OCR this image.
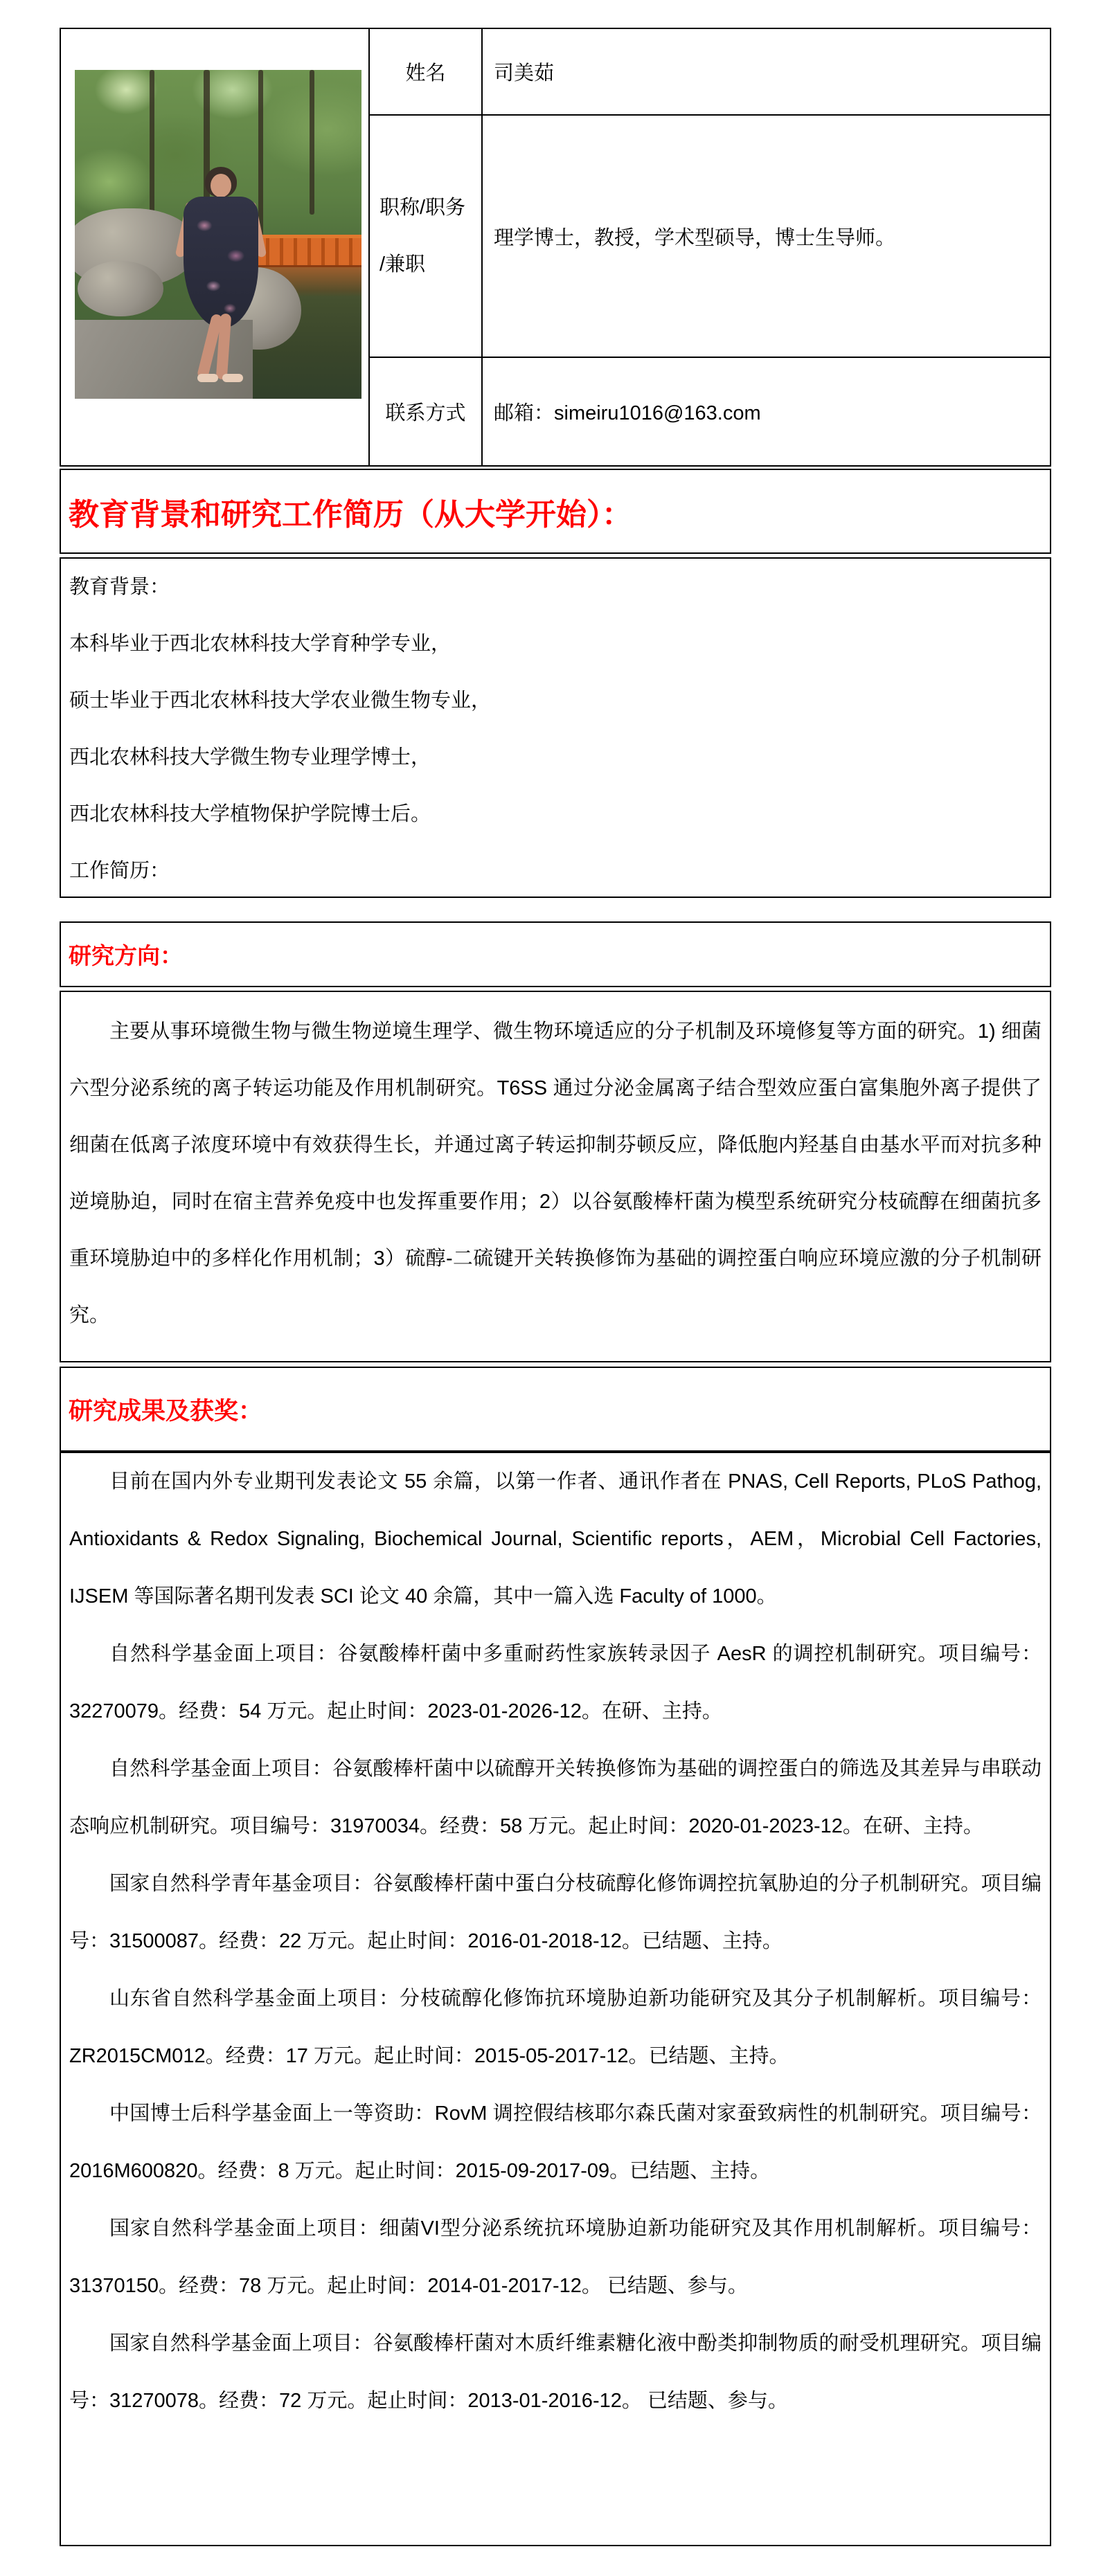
姓名	司美茹
职称/职务
/兼职
理学博士，教授，学术型硕导，博士生导师。
联系方式	邮箱：simeiru1016@163.com
教育背景和研究工作简历（从大学开始）：
教育背景：
本科毕业于西北农林科技大学育种学专业，
硕士毕业于西北农林科技大学农业微生物专业，
西北农林科技大学微生物专业理学博士，
西北农林科技大学植物保护学院博士后。
工作简历：
研究方向：

主要从事环境微生物与微生物逆境生理学、微生物环境适应的分子机制及环境修复等方面的研究。1) 细菌六型分泌系统的离子转运功能及作用机制研究。T6SS 通过分泌金属离子结合型效应蛋白富集胞外离子提供了细菌在低离子浓度环境中有效获得生长，并通过离子转运抑制芬顿反应，降低胞内羟基自由基水平而对抗多种逆境胁迫，同时在宿主营养免疫中也发挥重要作用；2）以谷氨酸棒杆菌为模型系统研究分枝硫醇在细菌抗多重环境胁迫中的多样化作用机制；3）硫醇-二硫键开关转换修饰为基础的调控蛋白响应环境应激的分子机制研究。

研究成果及获奖：

目前在国内外专业期刊发表论文 55 余篇，以第一作者、通讯作者在 PNAS, Cell Reports, PLoS Pathog, Antioxidants & Redox Signaling, Biochemical Journal, Scientific reports，AEM，Microbial Cell Factories, IJSEM 等国际著名期刊发表 SCI 论文 40 余篇，其中一篇入选 Faculty of 1000。

自然科学基金面上项目：谷氨酸棒杆菌中多重耐药性家族转录因子 AesR 的调控机制研究。项目编号：32270079。经费：54 万元。起止时间：2023-01-2026-12。在研、主持。

自然科学基金面上项目：谷氨酸棒杆菌中以硫醇开关转换修饰为基础的调控蛋白的筛选及其差异与串联动态响应机制研究。项目编号：31970034。经费：58 万元。起止时间：2020-01-2023-12。在研、主持。

国家自然科学青年基金项目：谷氨酸棒杆菌中蛋白分枝硫醇化修饰调控抗氧胁迫的分子机制研究。项目编号：31500087。经费：22 万元。起止时间：2016-01-2018-12。已结题、主持。

山东省自然科学基金面上项目：分枝硫醇化修饰抗环境胁迫新功能研究及其分子机制解析。项目编号：ZR2015CM012。经费：17 万元。起止时间：2015-05-2017-12。已结题、主持。

中国博士后科学基金面上一等资助：RovM 调控假结核耶尔森氏菌对家蚕致病性的机制研究。项目编号：2016M600820。经费：8 万元。起止时间：2015-09-2017-09。已结题、主持。

国家自然科学基金面上项目：细菌VI型分泌系统抗环境胁迫新功能研究及其作用机制解析。项目编号：31370150。经费：78 万元。起止时间：2014-01-2017-12。 已结题、参与。

国家自然科学基金面上项目：谷氨酸棒杆菌对木质纤维素糖化液中酚类抑制物质的耐受机理研究。项目编号：31270078。经费：72 万元。起止时间：2013-01-2016-12。 已结题、参与。
